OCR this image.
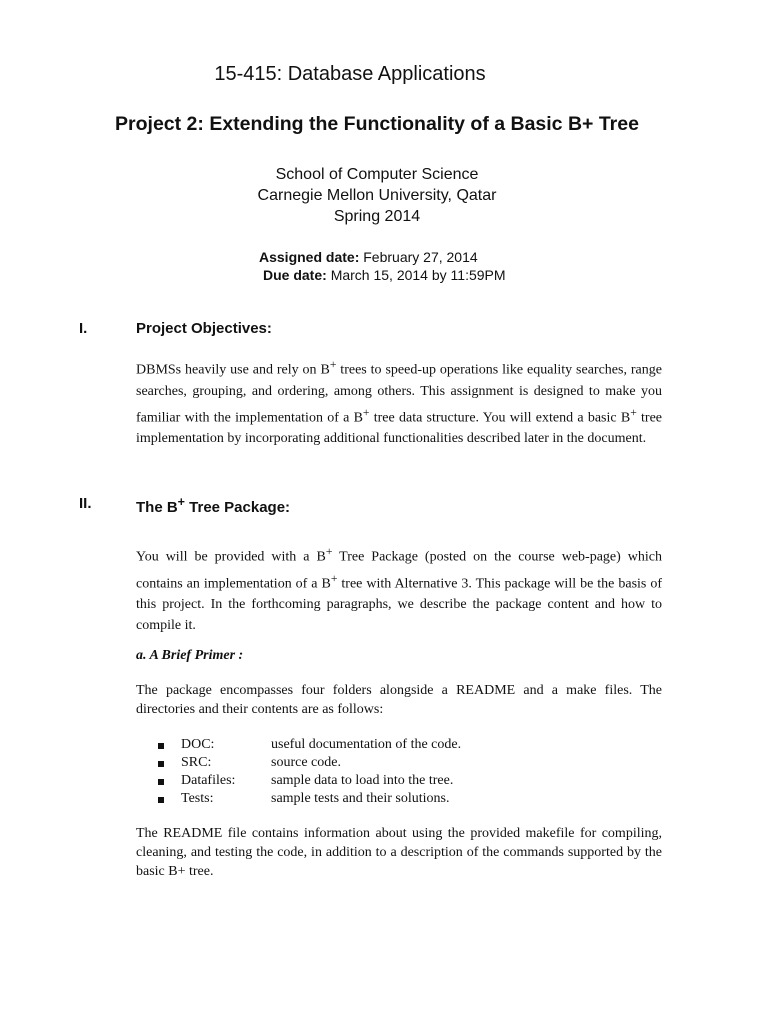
15-415: Database Applications
Project 2: Extending the Functionality of a Basic B+ Tree
School of Computer Science
Carnegie Mellon University, Qatar
Spring 2014
Assigned date: February 27, 2014
Due date: March 15, 2014 by 11:59PM
I.	Project Objectives:
DBMSs heavily use and rely on B+ trees to speed-up operations like equality searches, range searches, grouping, and ordering, among others. This assignment is designed to make you familiar with the implementation of a B+ tree data structure. You will extend a basic B+ tree implementation by incorporating additional functionalities described later in the document.
II.	The B+ Tree Package:
You will be provided with a B+ Tree Package (posted on the course web-page) which contains an implementation of a B+ tree with Alternative 3. This package will be the basis of this project. In the forthcoming paragraphs, we describe the package content and how to compile it.
a. A Brief Primer :
The package encompasses four folders alongside a README and a make files. The directories and their contents are as follows:
DOC:	useful documentation of the code.
SRC:	source code.
Datafiles:	sample data to load into the tree.
Tests:	sample tests and their solutions.
The README file contains information about using the provided makefile for compiling, cleaning, and testing the code, in addition to a description of the commands supported by the basic B+ tree.
